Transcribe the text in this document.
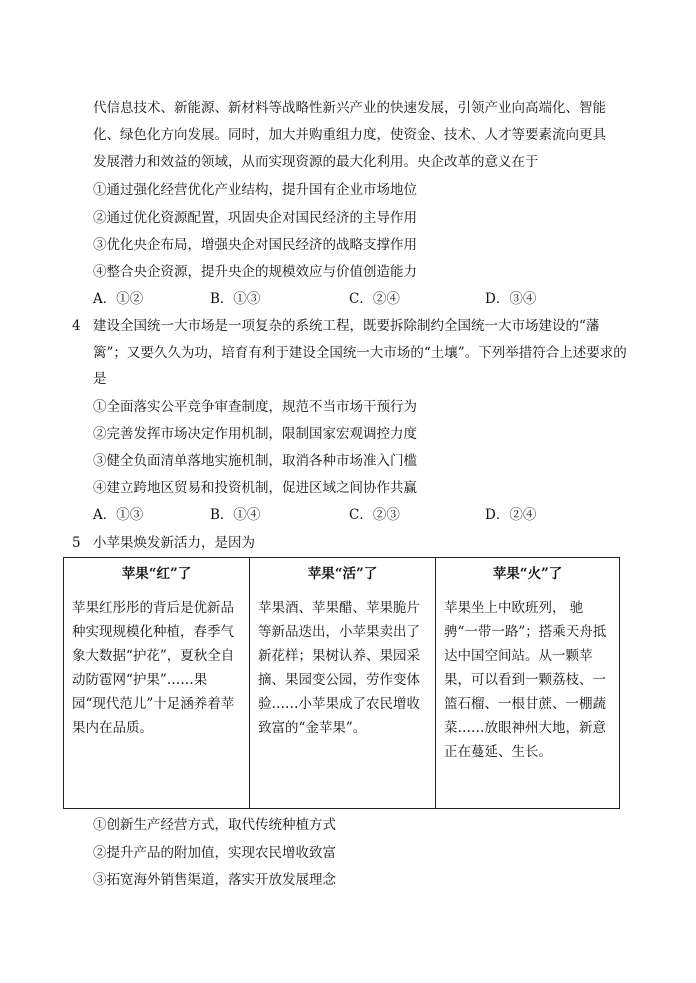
代信息技术、新能源、新材料等战略性新兴产业的快速发展，引领产业向高端化、智能
化、绿色化方向发展。同时，加大并购重组力度，使资金、技术、人才等要素流向更具
发展潜力和效益的领域，从而实现资源的最大化利用。央企改革的意义在于
①通过强化经营优化产业结构，提升国有企业市场地位
②通过优化资源配置，巩固央企对国民经济的主导作用
③优化央企布局，增强央企对国民经济的战略支撑作用
④整合央企资源，提升央企的规模效应与价值创造能力
A．①②	B．①③	C．②④	D．③④
4 建设全国统一大市场是一项复杂的系统工程，既要拆除制约全国统一大市场建设的“藩
篱”；又要久久为功，培育有利于建设全国统一大市场的“土壤”。下列举措符合上述要求的
是
①全面落实公平竞争审查制度，规范不当市场干预行为
②完善发挥市场决定作用机制，限制国家宏观调控力度
③健全负面清单落地实施机制，取消各种市场准入门槛
④建立跨地区贸易和投资机制，促进区域之间协作共赢
A．①③	B．①④	C．②③	D．②④
5 小苹果焕发新活力，是因为
苹果“红”了	苹果“活”了	苹果“火”了
苹果红彤彤的背后是优新品种实现规模化种植，春季气象大数据“护花”，夏秋全自动防雹网“护果”……果园“现代范儿”十足涵养着苹果内在品质。	苹果酒、苹果醋、苹果脆片等新品迭出，小苹果卖出了新花样；果树认养、果园采摘、果园变公园，劳作变体验……小苹果成了农民增收致富的“金苹果”。	苹果坐上中欧班列， 驰骋“一带一路”；搭乘天舟抵达中国空间站。从一颗苹果，可以看到一颗荔枝、一篮石榴、一根甘蔗、一棚蔬菜……放眼神州大地，新意正在蔓延、生长。
①创新生产经营方式，取代传统种植方式
②提升产品的附加值，实现农民增收致富
③拓宽海外销售渠道，落实开放发展理念
